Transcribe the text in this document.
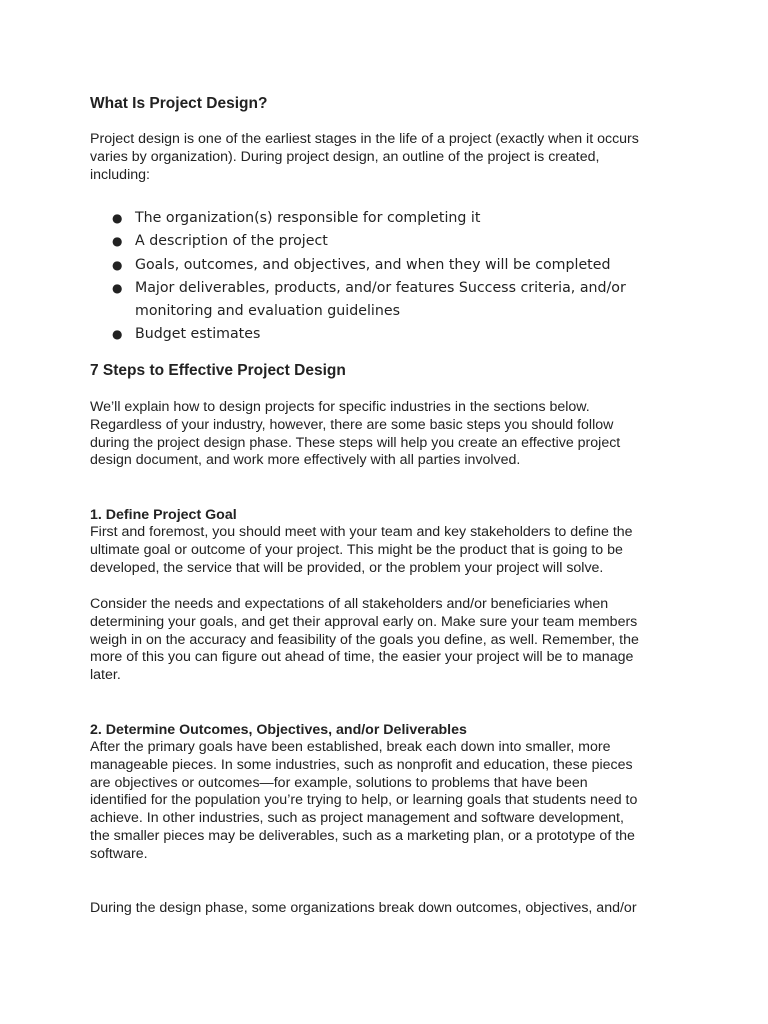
What Is Project Design?

Project design is one of the earliest stages in the life of a project (exactly when it occurs
varies by organization). During project design, an outline of the project is created,
including:

● The organization(s) responsible for completing it
● A description of the project
● Goals, outcomes, and objectives, and when they will be completed
● Major deliverables, products, and/or features Success criteria, and/or
monitoring and evaluation guidelines
● Budget estimates
7 Steps to Effective Project Design

We’ll explain how to design projects for specific industries in the sections below.
Regardless of your industry, however, there are some basic steps you should follow
during the project design phase. These steps will help you create an effective project
design document, and work more effectively with all parties involved.

1. Define Project Goal

First and foremost, you should meet with your team and key stakeholders to define the
ultimate goal or outcome of your project. This might be the product that is going to be
developed, the service that will be provided, or the problem your project will solve.

Consider the needs and expectations of all stakeholders and/or beneficiaries when
determining your goals, and get their approval early on. Make sure your team members
weigh in on the accuracy and feasibility of the goals you define, as well. Remember, the
more of this you can figure out ahead of time, the easier your project will be to manage
later.

2. Determine Outcomes, Objectives, and/or Deliverables

After the primary goals have been established, break each down into smaller, more
manageable pieces. In some industries, such as nonprofit and education, these pieces
are objectives or outcomes—for example, solutions to problems that have been
identified for the population you’re trying to help, or learning goals that students need to
achieve. In other industries, such as project management and software development,
the smaller pieces may be deliverables, such as a marketing plan, or a prototype of the
software.

During the design phase, some organizations break down outcomes, objectives, and/or
